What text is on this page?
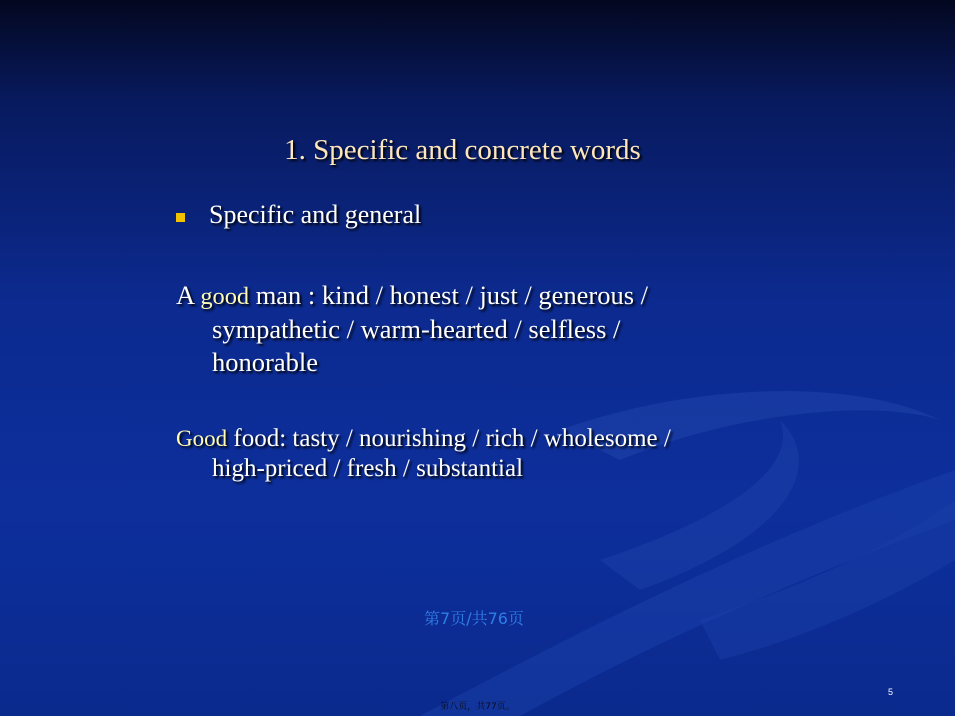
1. Specific and concrete words
Specific and general
A good man : kind / honest / just / generous /
sympathetic / warm-hearted / selfless /
honorable
Good food: tasty / nourishing / rich / wholesome /
high-priced / fresh / substantial
第7页/共76页
第八页，共77页。
5
